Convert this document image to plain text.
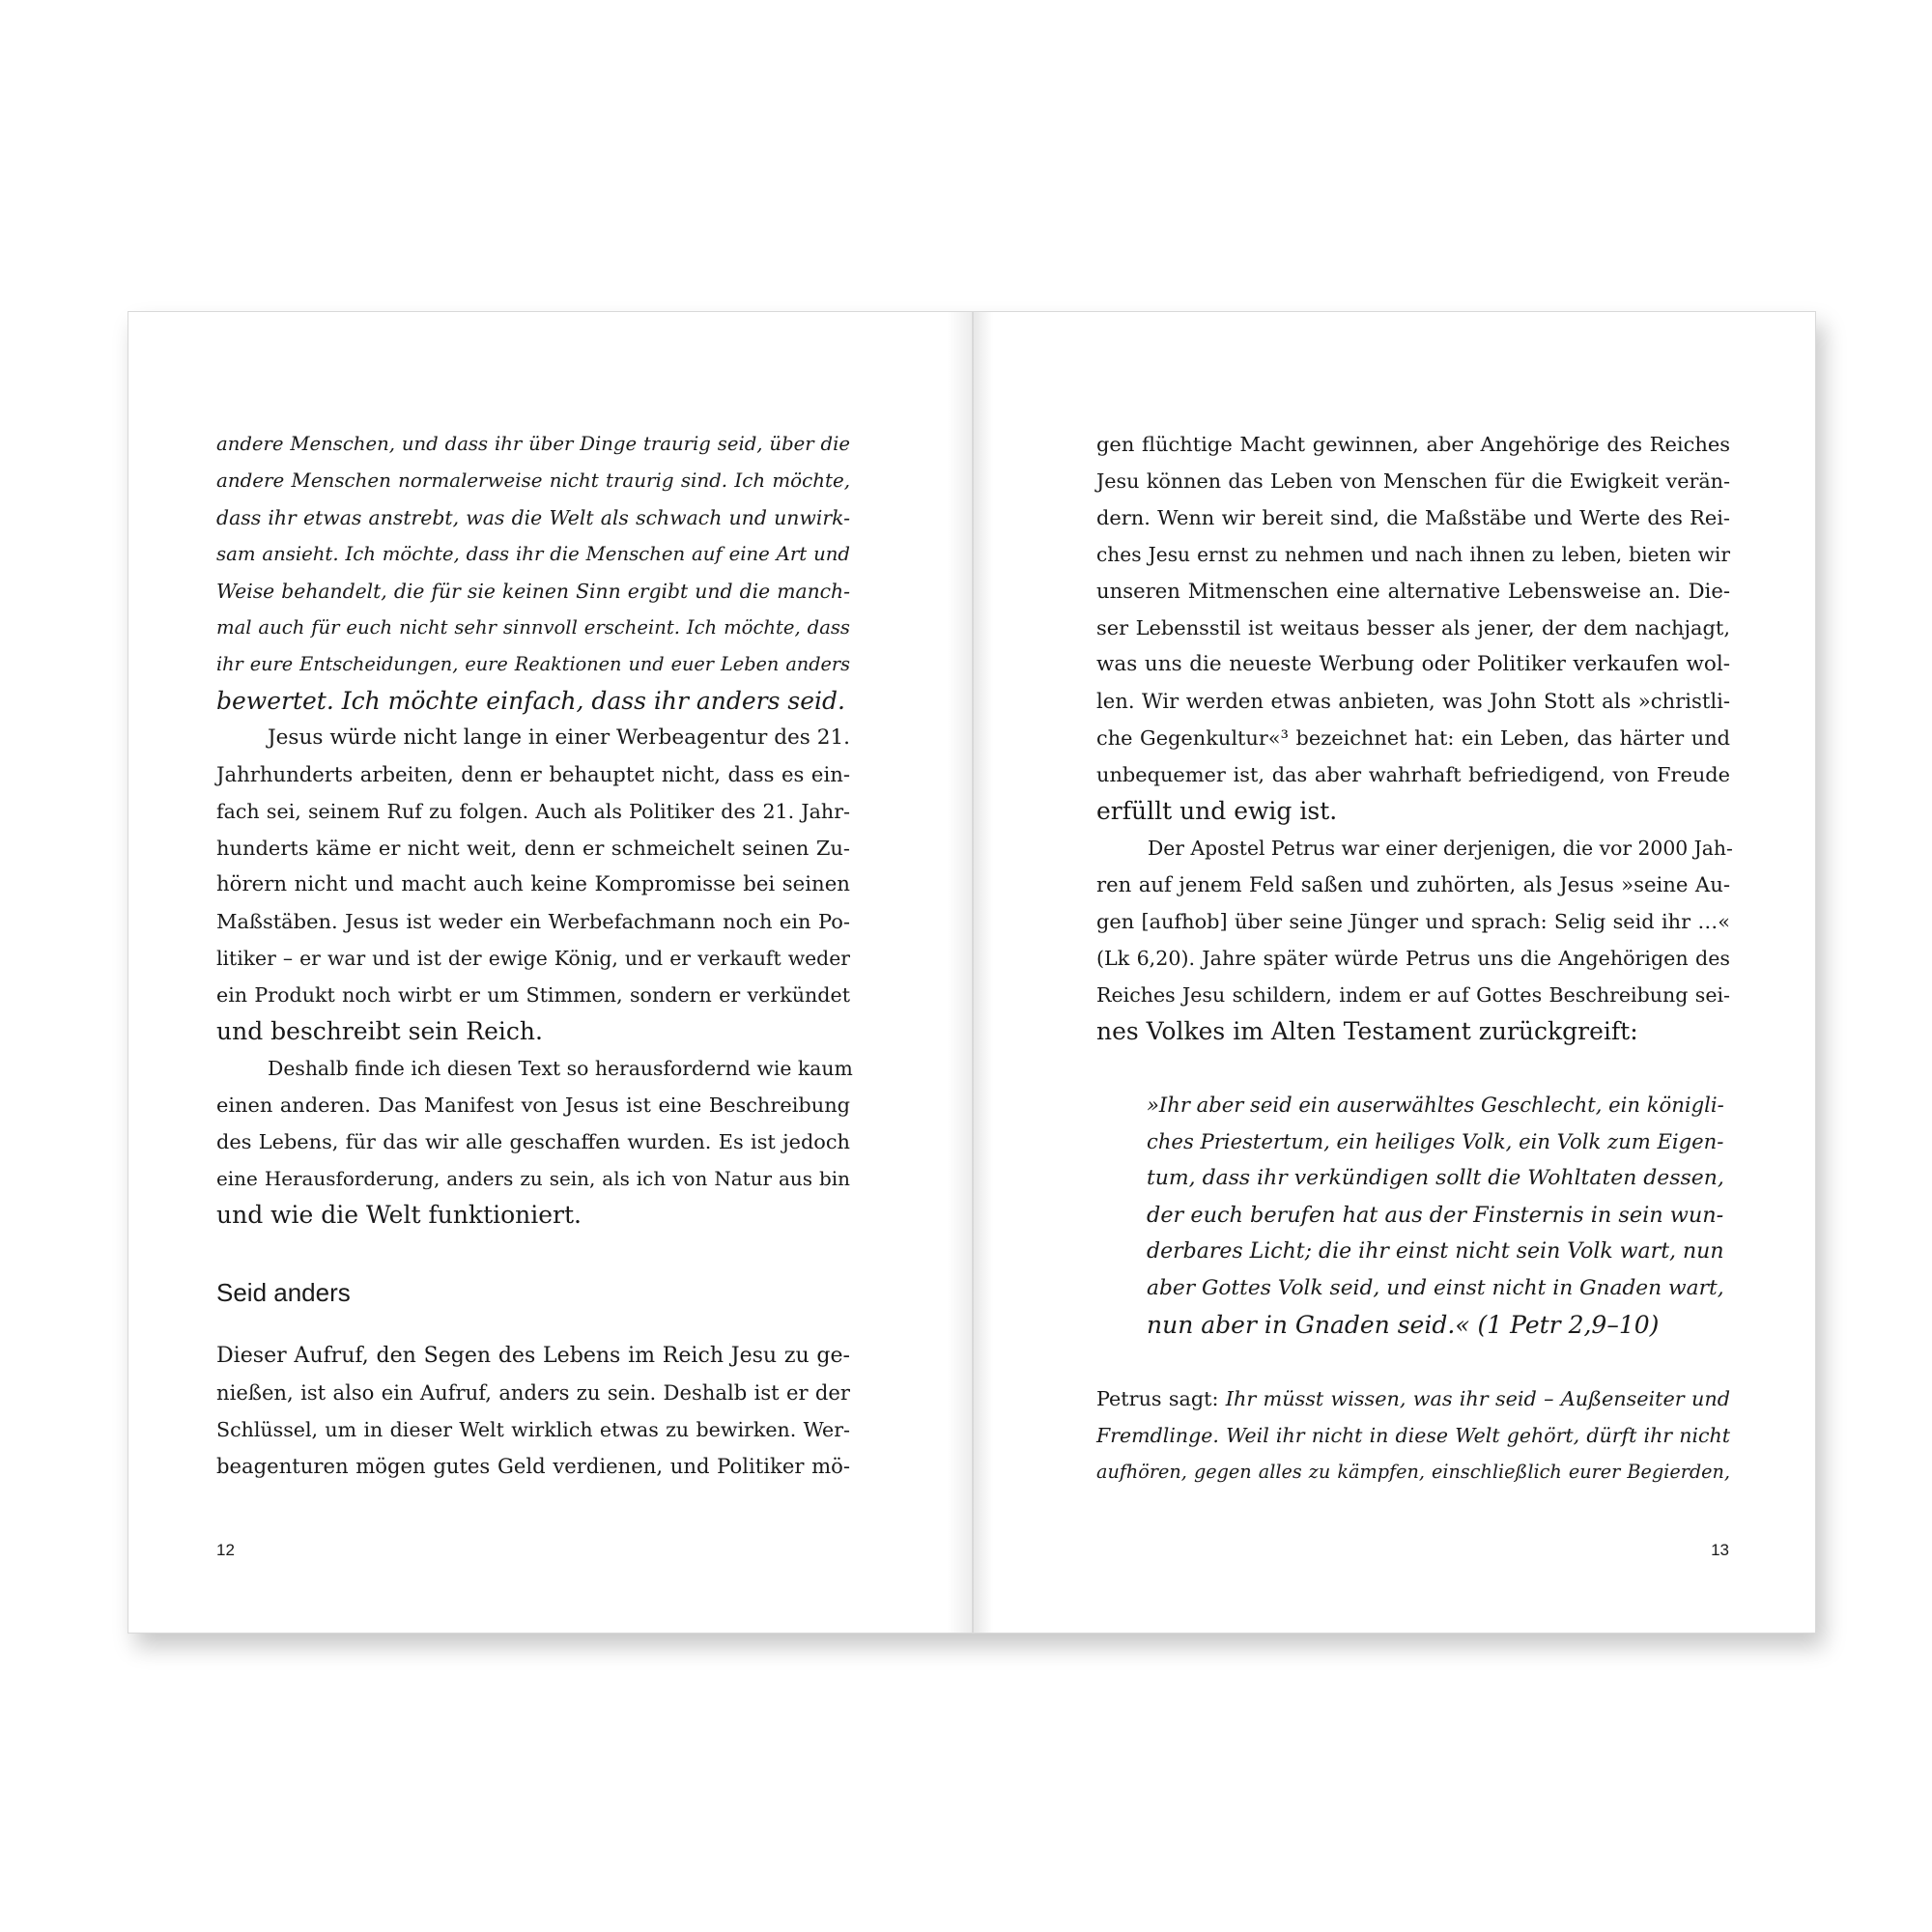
andere Menschen, und dass ihr über Dinge traurig seid, über die
andere Menschen normalerweise nicht traurig sind. Ich möchte,
dass ihr etwas anstrebt, was die Welt als schwach und unwirk-
sam ansieht. Ich möchte, dass ihr die Menschen auf eine Art und
Weise behandelt, die für sie keinen Sinn ergibt und die manch-
mal auch für euch nicht sehr sinnvoll erscheint. Ich möchte, dass
ihr eure Entscheidungen, eure Reaktionen und euer Leben anders
bewertet. Ich möchte einfach, dass ihr anders seid.
Jesus würde nicht lange in einer Werbeagentur des 21.
Jahrhunderts arbeiten, denn er behauptet nicht, dass es ein-
fach sei, seinem Ruf zu folgen. Auch als Politiker des 21. Jahr-
hunderts käme er nicht weit, denn er schmeichelt seinen Zu-
hörern nicht und macht auch keine Kompromisse bei seinen
Maßstäben. Jesus ist weder ein Werbefachmann noch ein Po-
litiker – er war und ist der ewige König, und er verkauft weder
ein Produkt noch wirbt er um Stimmen, sondern er verkündet
und beschreibt sein Reich.
Deshalb finde ich diesen Text so herausfordernd wie kaum
einen anderen. Das Manifest von Jesus ist eine Beschreibung
des Lebens, für das wir alle geschaffen wurden. Es ist jedoch
eine Herausforderung, anders zu sein, als ich von Natur aus bin
und wie die Welt funktioniert.
Seid anders
Dieser Aufruf, den Segen des Lebens im Reich Jesu zu ge-
nießen, ist also ein Aufruf, anders zu sein. Deshalb ist er der
Schlüssel, um in dieser Welt wirklich etwas zu bewirken. Wer-
beagenturen mögen gutes Geld verdienen, und Politiker mö-
12
gen flüchtige Macht gewinnen, aber Angehörige des Reiches
Jesu können das Leben von Menschen für die Ewigkeit verän-
dern. Wenn wir bereit sind, die Maßstäbe und Werte des Rei-
ches Jesu ernst zu nehmen und nach ihnen zu leben, bieten wir
unseren Mitmenschen eine alternative Lebensweise an. Die-
ser Lebensstil ist weitaus besser als jener, der dem nachjagt,
was uns die neueste Werbung oder Politiker verkaufen wol-
len. Wir werden etwas anbieten, was John Stott als »christli-
che Gegenkultur«³ bezeichnet hat: ein Leben, das härter und
unbequemer ist, das aber wahrhaft befriedigend, von Freude
erfüllt und ewig ist.
Der Apostel Petrus war einer derjenigen, die vor 2000 Jah-
ren auf jenem Feld saßen und zuhörten, als Jesus »seine Au-
gen [aufhob] über seine Jünger und sprach: Selig seid ihr …«
(Lk 6,20). Jahre später würde Petrus uns die Angehörigen des
Reiches Jesu schildern, indem er auf Gottes Beschreibung sei-
nes Volkes im Alten Testament zurückgreift:
»Ihr aber seid ein auserwähltes Geschlecht, ein königli-
ches Priestertum, ein heiliges Volk, ein Volk zum Eigen-
tum, dass ihr verkündigen sollt die Wohltaten dessen,
der euch berufen hat aus der Finsternis in sein wun-
derbares Licht; die ihr einst nicht sein Volk wart, nun
aber Gottes Volk seid, und einst nicht in Gnaden wart,
nun aber in Gnaden seid.« (1 Petr 2,9–10)
Petrus sagt: Ihr müsst wissen, was ihr seid – Außenseiter und
Fremdlinge. Weil ihr nicht in diese Welt gehört, dürft ihr nicht
aufhören, gegen alles zu kämpfen, einschließlich eurer Begierden,
13
